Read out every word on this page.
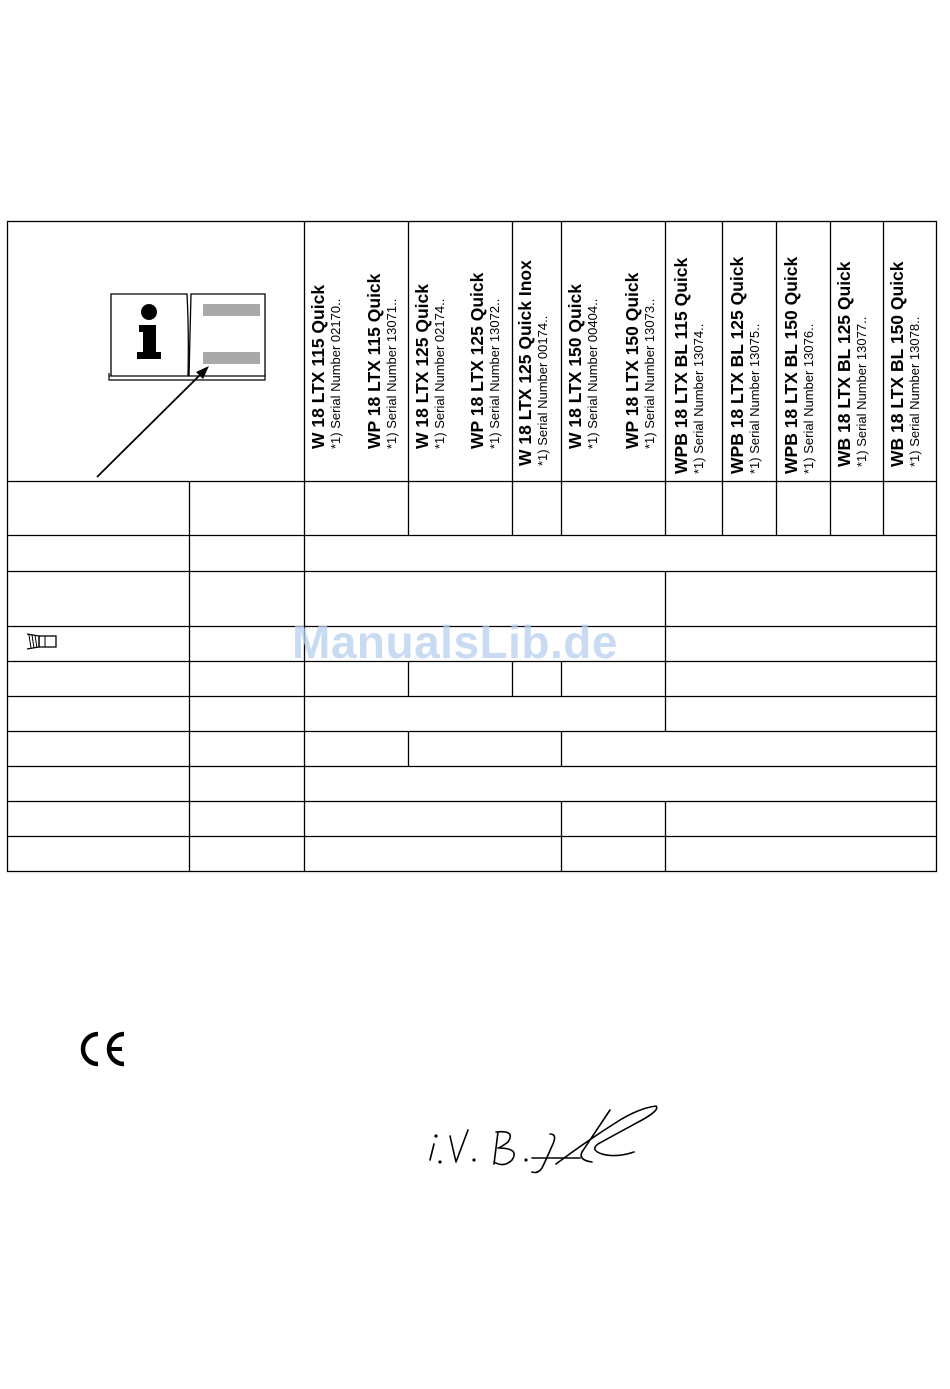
W 18 LTX 115 Quick *1) Serial Number 02170.. WP 18 LTX 115 Quick *1) Serial Number 13071.. W 18 LTX 125 Quick *1) Serial Number 02174.. WP 18 LTX 125 Quick *1) Serial Number 13072.. W 18 LTX 125 Quick Inox *1) Serial Number 00174.. W 18 LTX 150 Quick *1) Serial Number 00404.. WP 18 LTX 150 Quick *1) Serial Number 13073.. WPB 18 LTX BL 115 Quick *1) Serial Number 13074.. WPB 18 LTX BL 125 Quick *1) Serial Number 13075.. WPB 18 LTX BL 150 Quick *1) Serial Number 13076.. WB 18 LTX BL 125 Quick *1) Serial Number 13077.. WB 18 LTX BL 150 Quick *1) Serial Number 13078..
ManualsLib.de
